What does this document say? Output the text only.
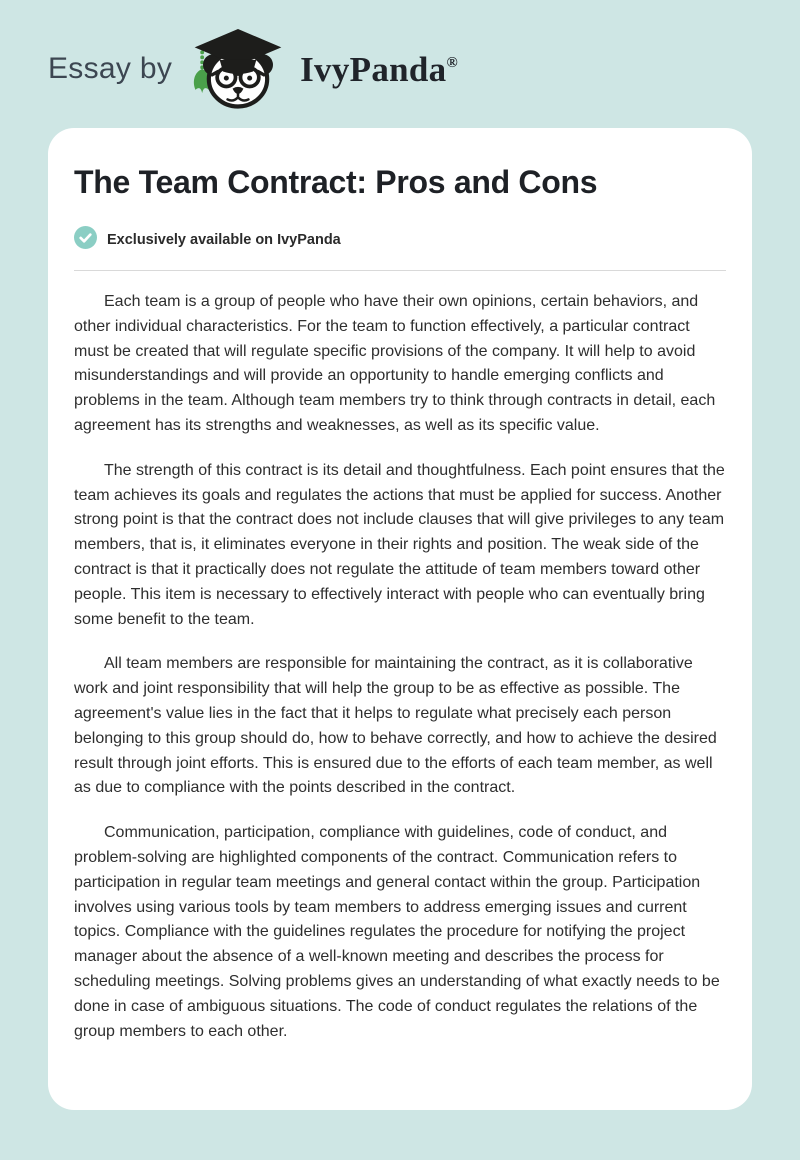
Essay by	IvyPanda®
The Team Contract: Pros and Cons
Exclusively available on IvyPanda

Each team is a group of people who have their own opinions, certain behaviors, and other individual characteristics. For the team to function effectively, a particular contract must be created that will regulate specific provisions of the company. It will help to avoid misunderstandings and will provide an opportunity to handle emerging conflicts and problems in the team. Although team members try to think through contracts in detail, each agreement has its strengths and weaknesses, as well as its specific value.

The strength of this contract is its detail and thoughtfulness. Each point ensures that the team achieves its goals and regulates the actions that must be applied for success. Another strong point is that the contract does not include clauses that will give privileges to any team members, that is, it eliminates everyone in their rights and position. The weak side of the contract is that it practically does not regulate the attitude of team members toward other people. This item is necessary to effectively interact with people who can eventually bring some benefit to the team.

All team members are responsible for maintaining the contract, as it is collaborative work and joint responsibility that will help the group to be as effective as possible. The agreement's value lies in the fact that it helps to regulate what precisely each person belonging to this group should do, how to behave correctly, and how to achieve the desired result through joint efforts. This is ensured due to the efforts of each team member, as well as due to compliance with the points described in the contract.

Communication, participation, compliance with guidelines, code of conduct, and problem-solving are highlighted components of the contract. Communication refers to participation in regular team meetings and general contact within the group. Participation involves using various tools by team members to address emerging issues and current topics. Compliance with the guidelines regulates the procedure for notifying the project manager about the absence of a well-known meeting and describes the process for scheduling meetings. Solving problems gives an understanding of what exactly needs to be done in case of ambiguous situations. The code of conduct regulates the relations of the group members to each other.
